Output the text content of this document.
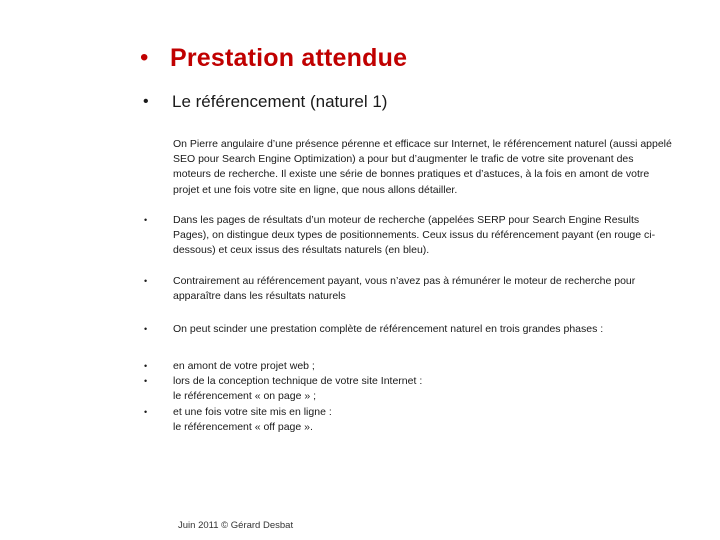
• Prestation attendue
•	Le référencement (naturel 1)
On Pierre angulaire d’une présence pérenne et efficace sur Internet, le référencement naturel (aussi appelé SEO pour Search Engine Optimization) a pour but d’augmenter le trafic de votre site provenant des moteurs de recherche. Il existe une série de bonnes pratiques et d’astuces, à la fois en amont de votre projet et une fois votre site en ligne, que nous allons détailler.
• Dans les pages de résultats d’un moteur de recherche (appelées SERP pour Search Engine Results Pages), on distingue deux types de positionnements. Ceux issus du référencement payant (en rouge ci-dessous) et ceux issus des résultats naturels (en bleu).
• Contrairement au référencement payant, vous n’avez pas à rémunérer le moteur de recherche pour apparaître dans les résultats naturels
• On peut scinder une prestation complète de référencement naturel en trois grandes phases :
• en amont de votre projet web ;
• lors de la conception technique de votre site Internet :
le référencement « on page » ;
• et une fois votre site mis en ligne :
le référencement « off page ».
Juin 2011 © Gérard Desbat
